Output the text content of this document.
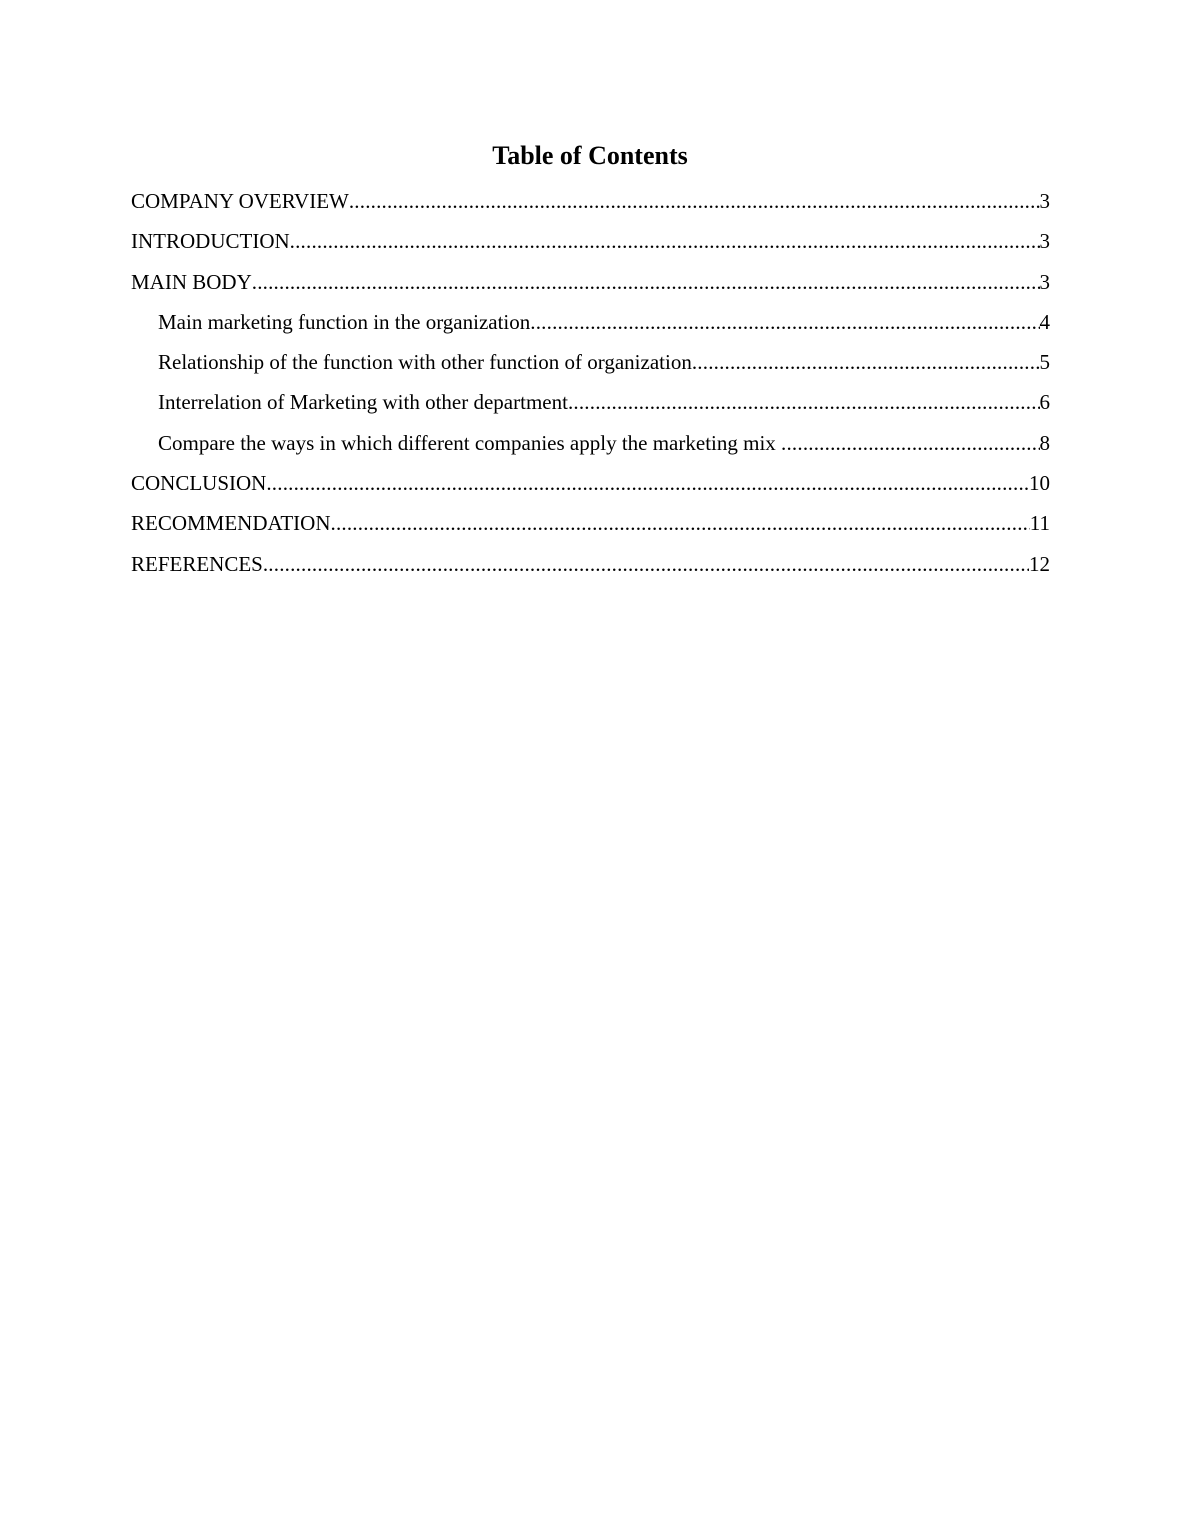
Table of Contents
COMPANY OVERVIEW .....	3
INTRODUCTION .....	3
MAIN BODY .....	3
Main marketing function in the organization .....	4
Relationship of the function with other function of organization .....	5
Interrelation of Marketing with other department .....	6
Compare the ways in which different companies apply the marketing mix .....	8
CONCLUSION .....	10
RECOMMENDATION .....	11
REFERENCES .....	12
